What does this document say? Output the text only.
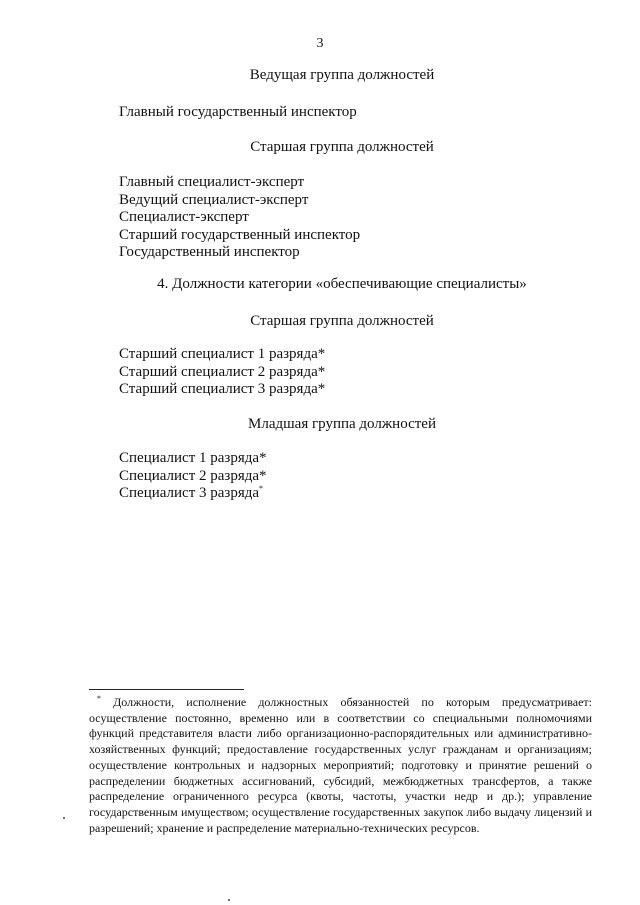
3
Ведущая группа должностей
Главный государственный инспектор
Старшая группа должностей
Главный специалист-эксперт
Ведущий специалист-эксперт
Специалист-эксперт
Старший государственный инспектор
Государственный инспектор
4. Должности категории «обеспечивающие специалисты»
Старшая группа должностей
Старший специалист 1 разряда*
Старший специалист 2 разряда*
Старший специалист 3 разряда*
Младшая группа должностей
Специалист 1 разряда*
Специалист 2 разряда*
Специалист 3 разряда*
* Должности, исполнение должностных обязанностей по которым предусматривает: осуществление постоянно, временно или в соответствии со специальными полномочиями функций представителя власти либо организационно-распорядительных или административно-хозяйственных функций; предоставление государственных услуг гражданам и организациям; осуществление контрольных и надзорных мероприятий; подготовку и принятие решений о распределении бюджетных ассигнований, субсидий, межбюджетных трансфертов, а также распределение ограниченного ресурса (квоты, частоты, участки недр и др.); управление государственным имуществом; осуществление государственных закупок либо выдачу лицензий и разрешений; хранение и распределение материально-технических ресурсов.
